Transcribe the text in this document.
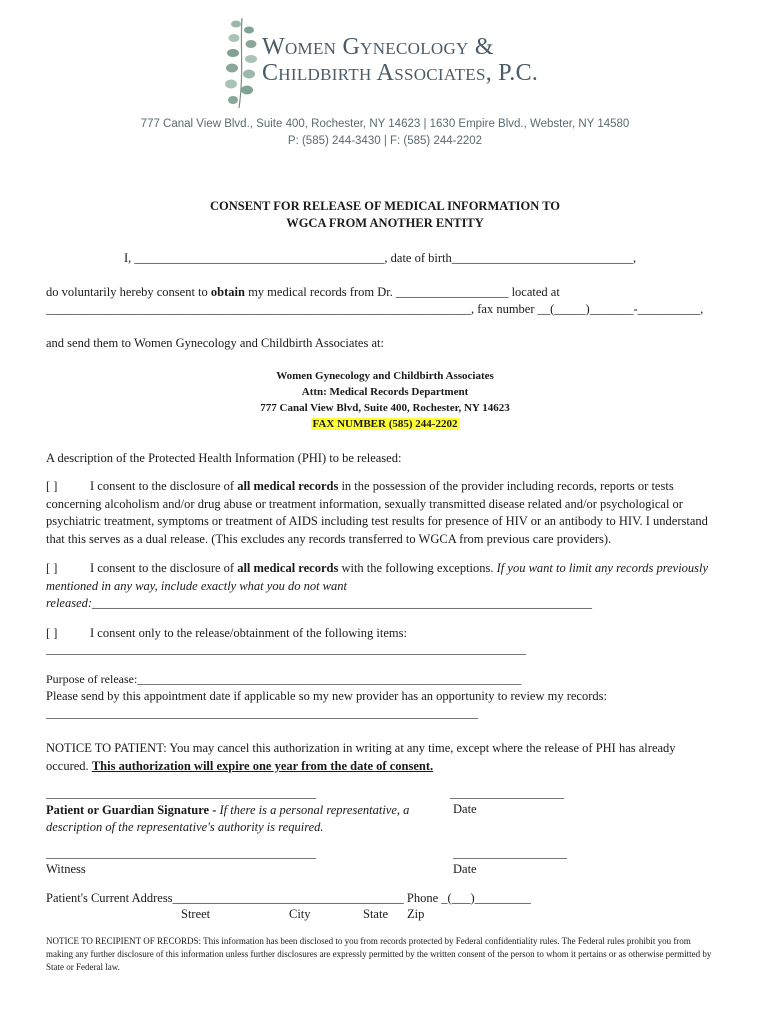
Women Gynecology &
Childbirth Associates, P.C.
777 Canal View Blvd., Suite 400, Rochester, NY 14623 | 1630 Empire Blvd., Webster, NY 14580
P: (585) 244-3430 | F: (585) 244-2202
CONSENT FOR RELEASE OF MEDICAL INFORMATION TO
WGCA FROM ANOTHER ENTITY
I, ________________________________________, date of birth_____________________________,
do voluntarily hereby consent to obtain my medical records from Dr. __________________ located at
____________________________________________________________________, fax number __(_____)_______-__________,
and send them to Women Gynecology and Childbirth Associates at:
Women Gynecology and Childbirth Associates
Attn: Medical Records Department
777 Canal View Blvd, Suite 400, Rochester, NY 14623
FAX NUMBER (585) 244-2202
A description of the Protected Health Information (PHI) to be released:
[ ]	I consent to the disclosure of all medical records in the possession of the provider including records, reports or tests concerning alcoholism and/or drug abuse or treatment information, sexually transmitted disease related and/or psychological or psychiatric treatment, symptoms or treatment of AIDS including test results for presence of HIV or an antibody to HIV. I understand that this serves as a dual release. (This excludes any records transferred to WGCA from previous care providers).
[ ]	I consent to the disclosure of all medical records with the following exceptions. If you want to limit any records previously mentioned in any way, include exactly what you do not want released:________________________________________________________________________________
[ ]	I consent only to the release/obtainment of the following items:
________________________________________________________________________________
Purpose of release:________________________________________________________________
Please send by this appointment date if applicable so my new provider has an opportunity to review my records:
________________________________________________________________________
NOTICE TO PATIENT: You may cancel this authorization in writing at any time, except where the release of PHI has already occured. This authorization will expire one year from the date of consent.
_____________________________________________	___________________
Patient or Guardian Signature - If there is a personal representative, a description of the representative's authority is required.
Date
_____________________________________________	___________________
Witness	Date
Patient's Current Address_____________________________________ Phone _(___)_________
Street	City	State Zip
NOTICE TO RECIPIENT OF RECORDS: This information has been disclosed to you from records protected by Federal confidentiality rules. The Federal rules prohibit you from making any further disclosure of this information unless further disclosures are expressly permitted by the written consent of the person to whom it pertains or as otherwise permitted by State or Federal law.
